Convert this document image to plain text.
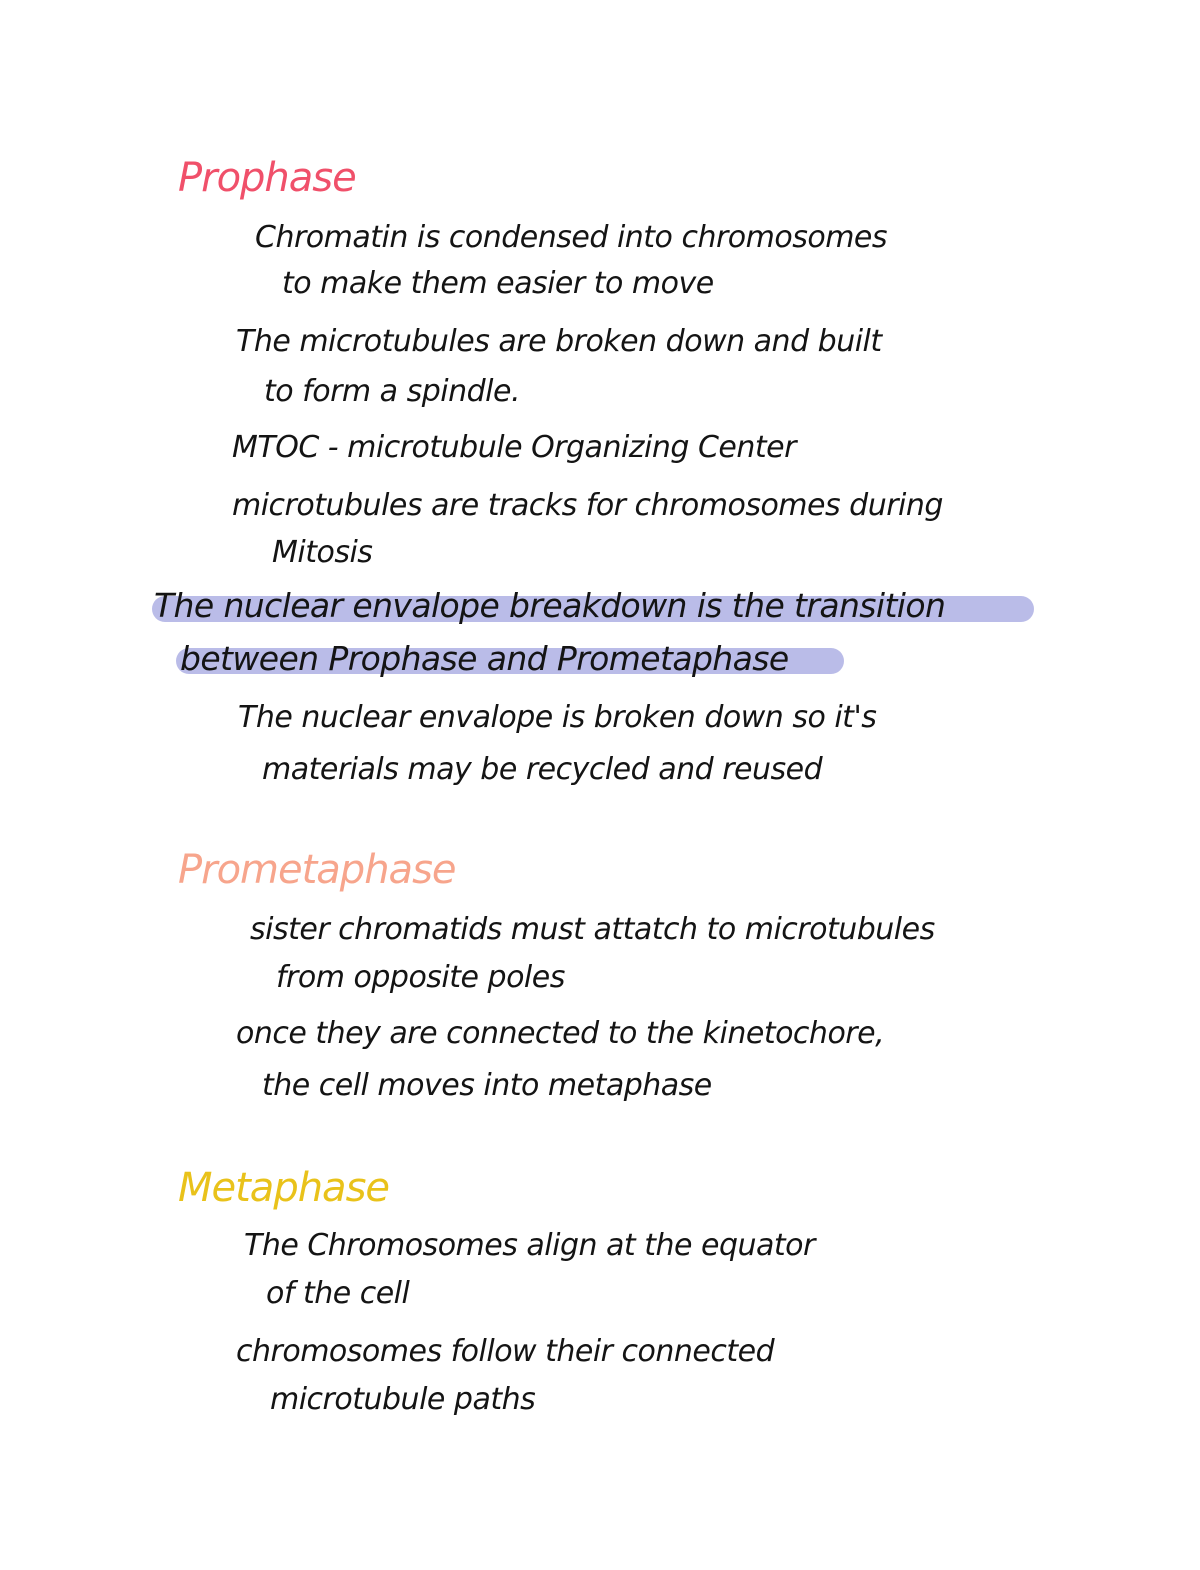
Prophase
Chromatin is condensed into chromosomes
to make them easier to move
The microtubules are broken down and built
to form a spindle.
MTOC - microtubule Organizing Center
microtubules are tracks for chromosomes during
Mitosis
The nuclear envalope breakdown is the transition
between Prophase and Prometaphase
The nuclear envalope is broken down so it's
materials may be recycled and reused
Prometaphase
sister chromatids must attatch to microtubules
from opposite poles
once they are connected to the kinetochore,
the cell moves into metaphase
Metaphase
The Chromosomes align at the equator
of the cell
chromosomes follow their connected
microtubule paths
